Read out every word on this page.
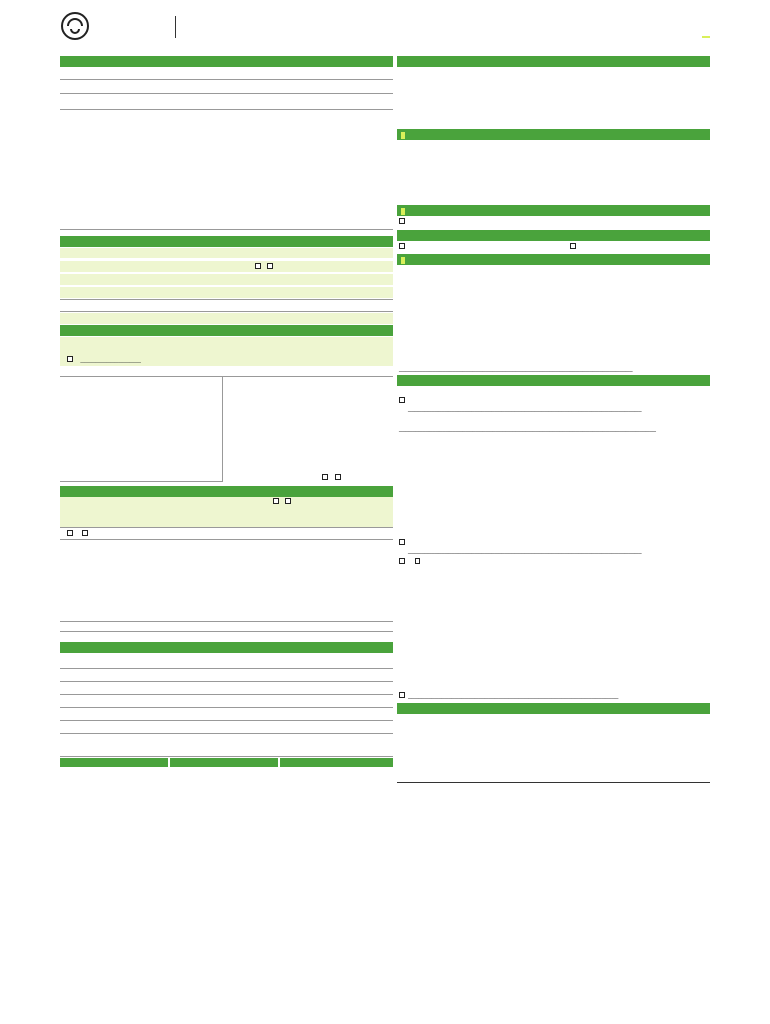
________________

______________________________________________________________________
______________________________________________________________________
_____________________________________________________________________________
______________________________________________________________________
_______________________________________________________________
